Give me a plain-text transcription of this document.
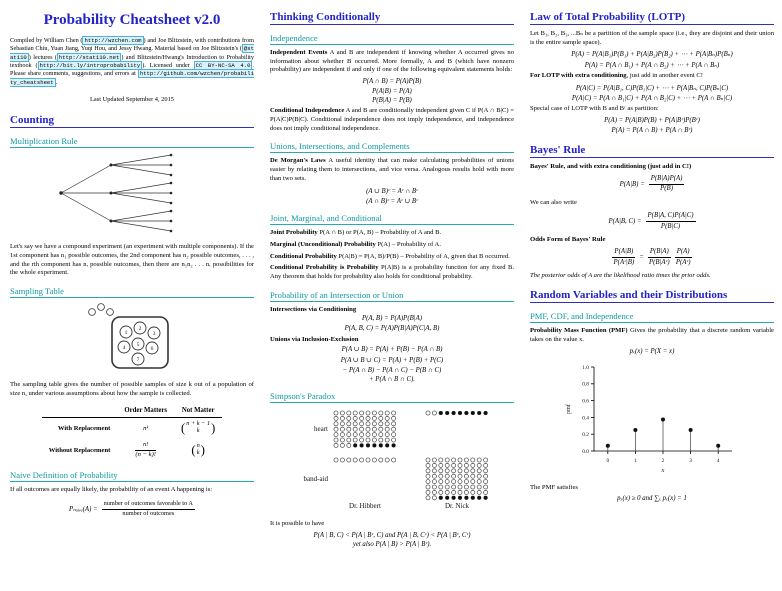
Probability Cheatsheet v2.0

Compiled by William Chen ( http://wzchen.com ) and Joe Blitzstein, with contributions from Sebastian Chiu, Yuan Jiang, Yuqi Hou, and Jessy Hwang. Material based on Joe Blitzstein's ( @stat110 ) lectures ( http://stat110.net ) and Blitzstein/Hwang's Introduction to Probability textbook ( http://bit.ly/introprobability ). Licensed under CC BY-NC-SA 4.0 . Please share comments, suggestions, and errors at http://github.com/wzchen/probability_cheatsheet .

Last Updated September 4, 2015

Counting
Multiplication Rule

Let's say we have a compound experiment (an experiment with multiple components). If the 1st component has n₁ possible outcomes, the 2nd component has n₂ possible outcomes, . . . , and the rth component has nᵣ possible outcomes, then there are n₁n₂ . . . nᵣ possibilities for the whole experiment.

Sampling Table
1
2
3
4 5
6
7

The sampling table gives the number of possible samples of size k out of a population of size n, under various assumptions about how the sample is collected.

	Order Matters	Not Matter
With Replacement	nᵏ	( n + k − 1
k )

Without Replacement	$\frac{n!}{(n - k)!}$	( n
k )
Naive Definition of Probability

If all outcomes are equally likely, the probability of an event A happening is:

Pₙₐᵢᵥₑ(A) = $\frac{\text{number of outcomes favorable to A}}{\text{number of outcomes}}$
Thinking Conditionally
Independence

Independent Events A and B are independent if knowing whether A occurred gives no information about whether B occurred. More formally, A and B (which have nonzero probability) are independent if and only if one of the following equivalent statements holds:

P(A ∩ B) = P(A)P(B)
P(A|B) = P(A)
P(B|A) = P(B)

Conditional Independence A and B are conditionally independent given C if P(A ∩ B|C) = P(A|C)P(B|C). Conditional independence does not imply independence, and independence does not imply conditional independence.

Unions, Intersections, and Complements

De Morgan's Laws A useful identity that can make calculating probabilities of unions easier by relating them to intersections, and vice versa. Analogous results hold with more than two sets.

(A ∪ B)ᶜ = Aᶜ ∩ Bᶜ
(A ∩ B)ᶜ = Aᶜ ∪ Bᶜ
Joint, Marginal, and Conditional

Joint Probability P(A ∩ B) or P(A, B) – Probability of A and B.

Marginal (Unconditional) Probability P(A) – Probability of A.

Conditional Probability P(A|B) = P(A, B)/P(B) – Probability of A, given that B occurred.

Conditional Probability is Probability P(A|B) is a probability function for any fixed B. Any theorem that holds for probability also holds for conditional probability.

Probability of an Intersection or Union
Intersections via Conditioning
P(A, B) = P(A)P(B|A)
P(A, B, C) = P(A)P(B|A)P(C|A, B)
Unions via Inclusion-Exclusion
P(A ∪ B) = P(A) + P(B) − P(A ∩ B)
P(A ∪ B ∪ C) = P(A) + P(B) + P(C)
− P(A ∩ B) − P(A ∩ C) − P(B ∩ C)
+ P(A ∩ B ∩ C).
Simpson's Paradox
heart
band-aid
Dr. Hibbert	Dr. Nick

It is possible to have

P(A | B, C) < P(A | Bᶜ, C) and P(A | B, Cᶜ) < P(A | Bᶜ, Cᶜ)
yet also P(A | B) > P(A | Bᶜ).
Law of Total Probability (LOTP)

Let B₁, B₂, B₃, ...Bₙ be a partition of the sample space (i.e., they are disjoint and their union is the entire sample space).

P(A) = P(A|B₁)P(B₁) + P(A|B₂)P(B₂) + ⋯ + P(A|Bₙ)P(Bₙ)
P(A) = P(A ∩ B₁) + P(A ∩ B₂) + ⋯ + P(A ∩ Bₙ)

For LOTP with extra conditioning, just add in another event C!

P(A|C) = P(A|B₁, C)P(B₁|C) + ⋯ + P(A|Bₙ, C)P(Bₙ|C)
P(A|C) = P(A ∩ B₁|C) + P(A ∩ B₂|C) + ⋯ + P(A ∩ Bₙ|C)

Special case of LOTP with B and Bᶜ as partition:

P(A) = P(A|B)P(B) + P(A|Bᶜ)P(Bᶜ)
P(A) = P(A ∩ B) + P(A ∩ Bᶜ)
Bayes' Rule
Bayes' Rule, and with extra conditioning (just add in C!)
$P(A|B) = \frac{P(B|A)P(A)}{P(B)}$

We can also write

P(A|B, $C) = \frac{P(B|A, C)P(A|C)}{P(B|C)}$
Odds Form of Bayes' Rule
$\frac{P(A|B)}{\text{P(Aᶜ|B)}} = \frac{P(B|A)}{\text{P(B|Aᶜ)}} \frac{P(A)}{\text{P(Aᶜ)}}$

The posterior odds of A are the likelihood ratio times the prior odds.

Random Variables and their Distributions
PMF, CDF, and Independence

Probability Mass Function (PMF) Gives the probability that a discrete random variable takes on the value x.

pₓ(x) = P(X = x)
0.0
0.2
0.4
0.6
0.8
1.0
0	1	2	3	4
pmf
x

The PMF satisfies

pₓ(x) ≥ 0 and ∑ₓ pₓ(x) = 1
